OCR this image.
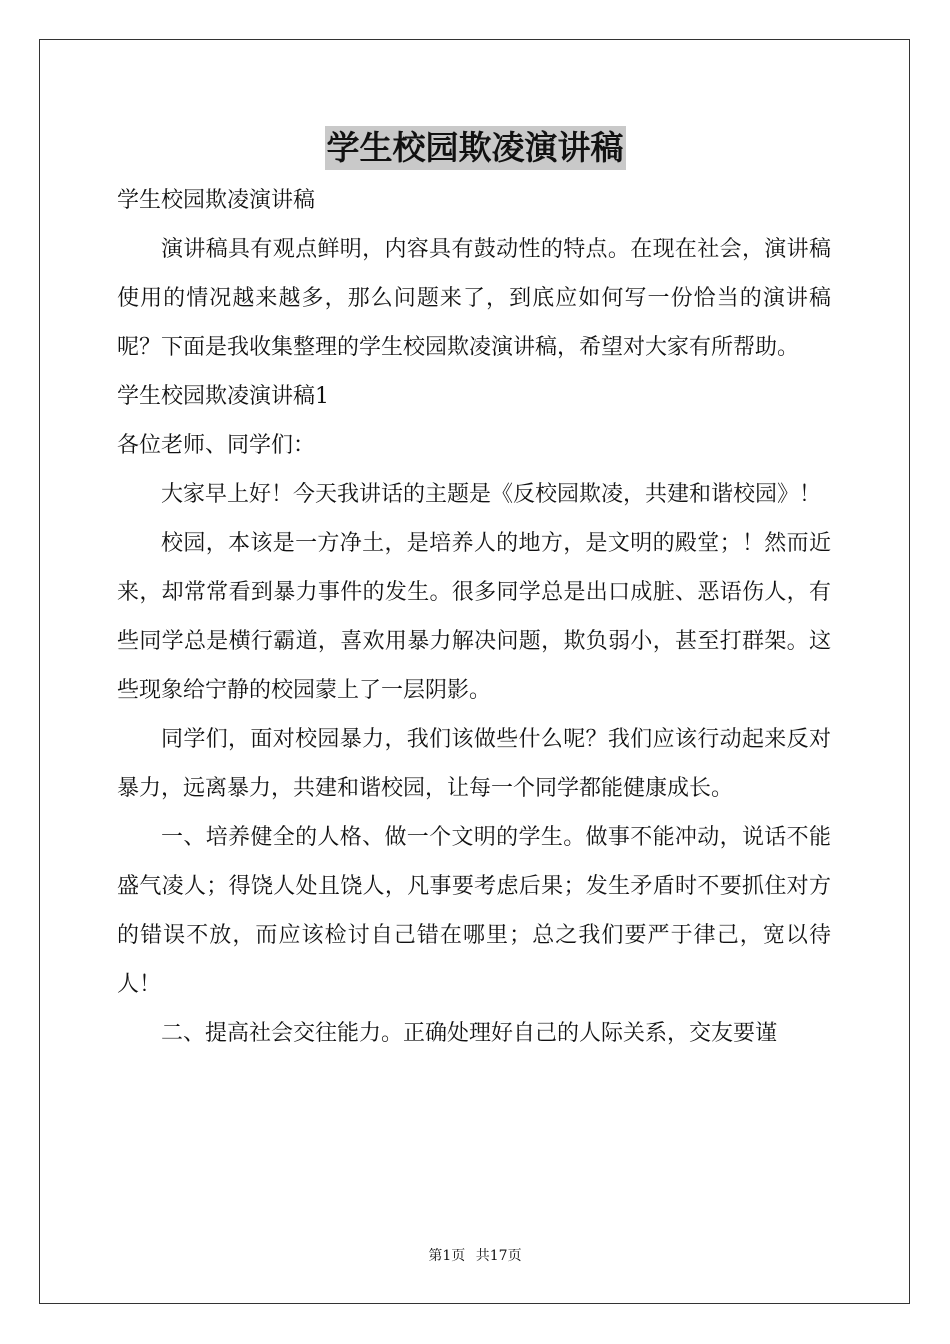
学生校园欺凌演讲稿

学生校园欺凌演讲稿

演讲稿具有观点鲜明，内容具有鼓动性的特点。在现在社会，演讲稿使用的情况越来越多，那么问题来了，到底应如何写一份恰当的演讲稿呢？下面是我收集整理的学生校园欺凌演讲稿，希望对大家有所帮助。

学生校园欺凌演讲稿1

各位老师、同学们：

大家早上好！今天我讲话的主题是《反校园欺凌，共建和谐校园》！

校园，本该是一方净土，是培养人的地方，是文明的殿堂；！然而近来，却常常看到暴力事件的发生。很多同学总是出口成脏、恶语伤人，有些同学总是横行霸道，喜欢用暴力解决问题，欺负弱小，甚至打群架。这些现象给宁静的校园蒙上了一层阴影。

同学们，面对校园暴力，我们该做些什么呢？我们应该行动起来反对暴力，远离暴力，共建和谐校园，让每一个同学都能健康成长。

一、培养健全的人格、做一个文明的学生。做事不能冲动，说话不能盛气凌人；得饶人处且饶人，凡事要考虑后果；发生矛盾时不要抓住对方的错误不放，而应该检讨自己错在哪里；总之我们要严于律己，宽以待人！

二、提高社会交往能力。正确处理好自己的人际关系，交友要谨

第1页 共17页
